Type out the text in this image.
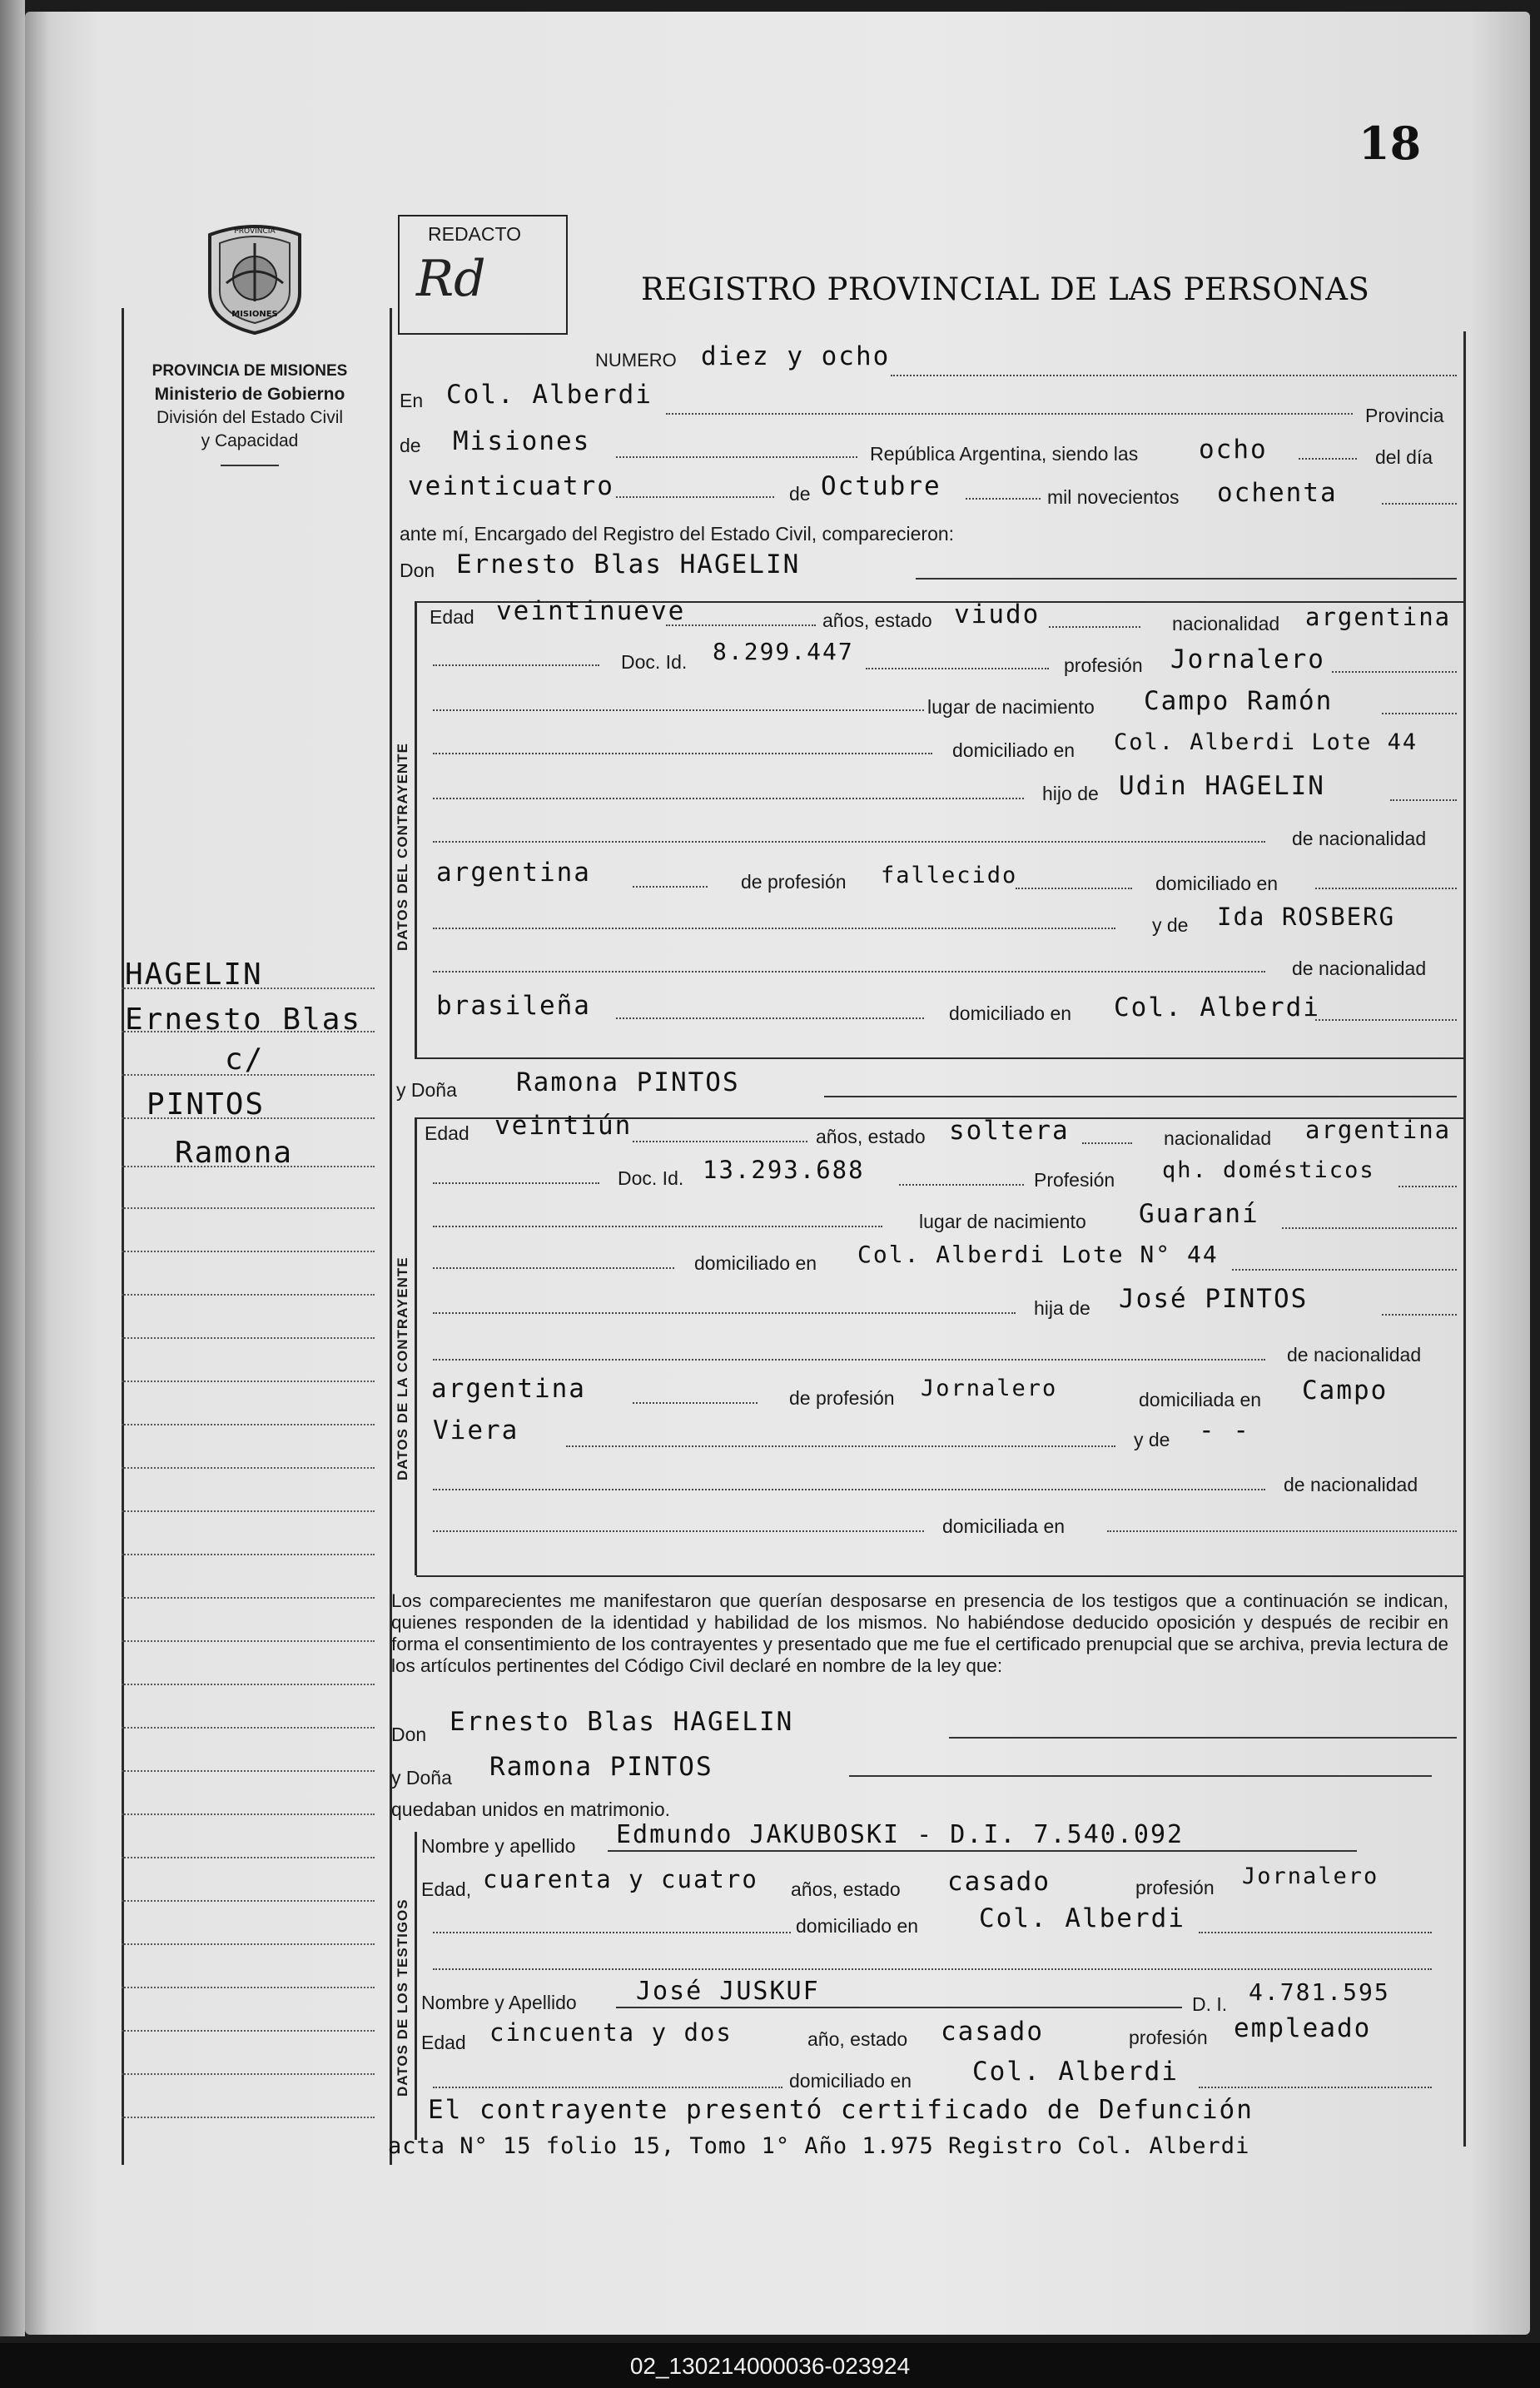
18
PROVINCIA
MISIONES
PROVINCIA DE MISIONES
Ministerio de Gobierno
División del Estado Civil
y Capacidad
REDACTO
Rd	REGISTRO PROVINCIAL DE LAS PERSONAS
DATOS DEL CONTRAYENTE
DATOS DE LA CONTRAYENTE
DATOS DE LOS TESTIGOS
NUMERO diez y ocho
En Col. Alberdi
Provincia
de Misiones	República Argentina, siendo las ocho	del día
veinticuatro	de Octubre	mil novecientos ochenta
ante mí, Encargado del Registro del Estado Civil, comparecieron:
Don Ernesto Blas HAGELIN
Edad veintinueve	años, estado viudo	nacionalidad argentina
Doc. Id. 8.299.447	profesión Jornalero
lugar de nacimiento Campo Ramón
domiciliado en Col. Alberdi Lote 44
hijo de Udin HAGELIN
de nacionalidad
argentina	de profesión fallecido	domiciliado en
y de Ida ROSBERG
de nacionalidad
brasileña	domiciliado en Col. Alberdi
y Doña Ramona PINTOS
Edad veintiún	años, estado soltera	nacionalidad argentina
Doc. Id. 13.293.688	Profesión qh. domésticos
lugar de nacimiento Guaraní
domiciliado en Col. Alberdi Lote N° 44
hija de José PINTOS
de nacionalidad
argentina	de profesión Jornalero	domiciliada en Campo
Viera	y de - -
de nacionalidad
domiciliada en
Los comparecientes me manifestaron que querían desposarse en presencia de los testigos que a continuación se indican, quienes responden de la identidad y habilidad de los mismos. No habiéndose deducido oposición y después de recibir en forma el consentimiento de los contrayentes y presentado que me fue el certificado prenupcial que se archiva, previa lectura de los artículos pertinentes del Código Civil declaré en nombre de la ley que:
Don Ernesto Blas HAGELIN
y Doña Ramona PINTOS
quedaban unidos en matrimonio.
Nombre y apellido Edmundo JAKUBOSKI - D.I. 7.540.092
Edad, cuarenta y cuatro años, estado casado	profesión Jornalero
domiciliado en Col. Alberdi
Nombre y Apellido José JUSKUF	D. I. 4.781.595
Edad cincuenta y dos	año, estado casado	profesión empleado
domiciliado en Col. Alberdi
El contrayente presentó certificado de Defunción
acta N° 15 folio 15, Tomo 1° Año 1.975 Registro Col. Alberdi
HAGELIN
Ernesto Blas
c/
PINTOS
Ramona
02_130214000036-023924
